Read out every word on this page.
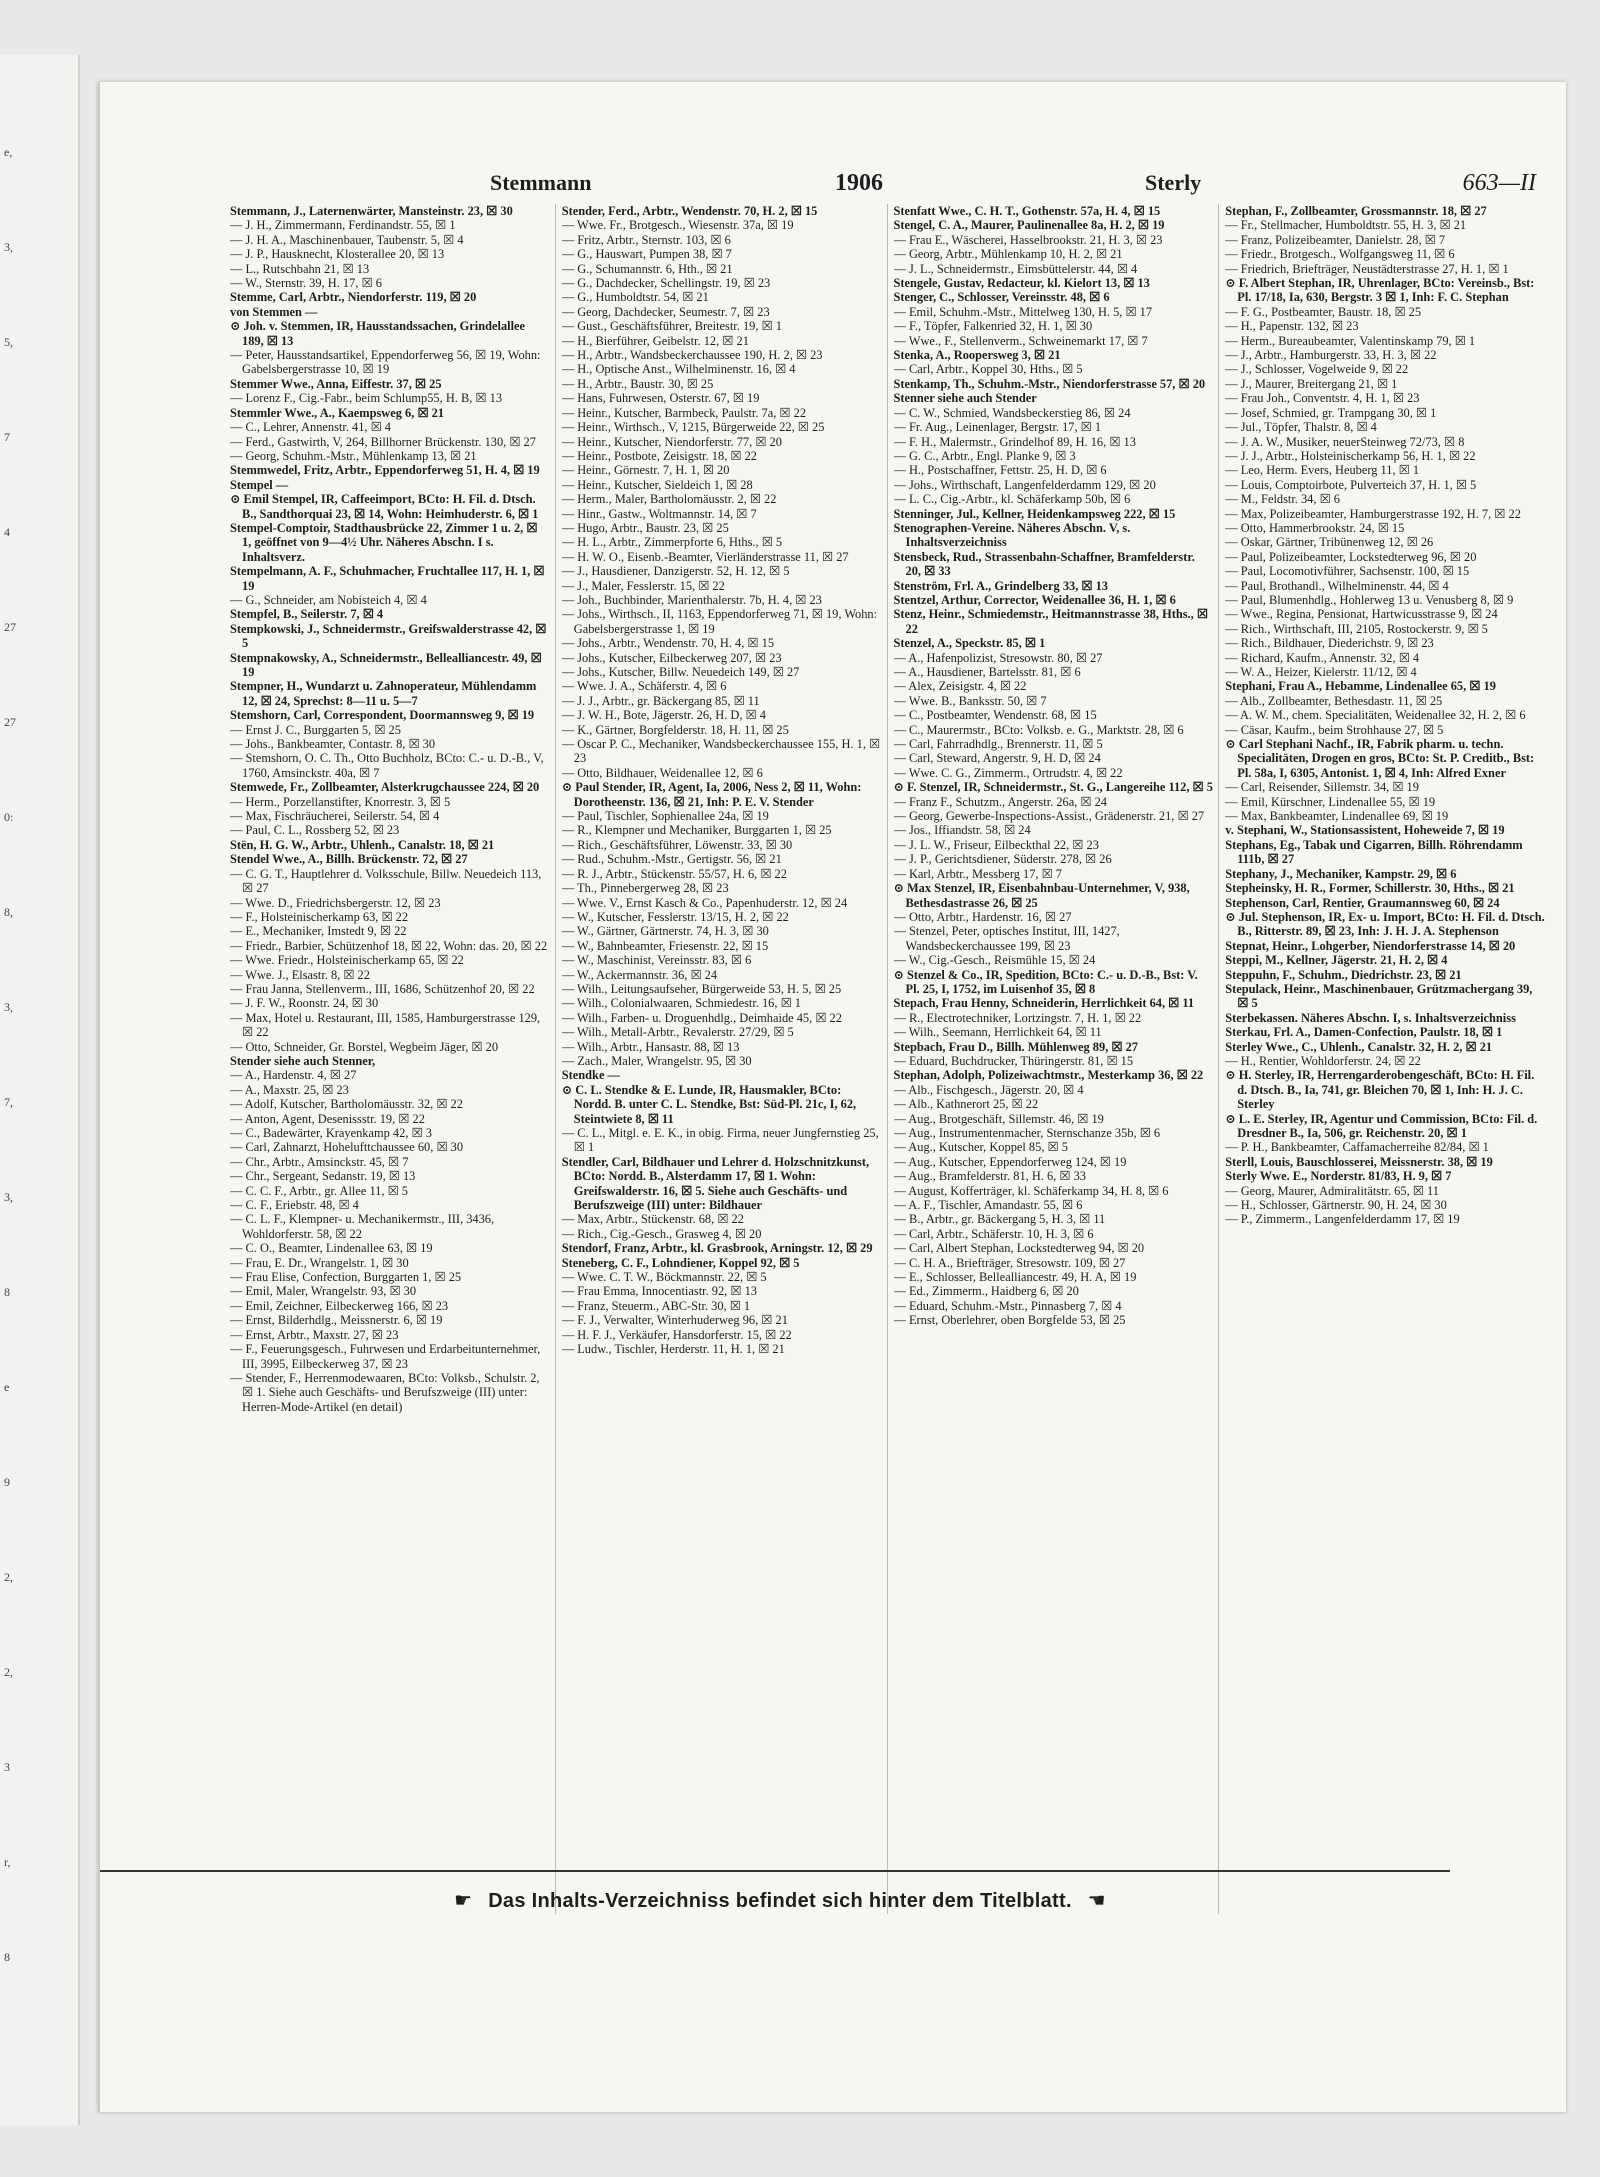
e,
3,
5,
7
4
27
27
0:
8,
3,
7,
3,
8
e
9
2,
2,
3
r,
8
Stemmann	1906	Sterly	663—II

Stemmann, J., Laternenwärter, Mansteinstr. 23, ☒ 30

— J. H., Zimmermann, Ferdinandstr. 55, ☒ 1

— J. H. A., Maschinenbauer, Taubenstr. 5, ☒ 4

— J. P., Hausknecht, Klosterallee 20, ☒ 13

— L., Rutschbahn 21, ☒ 13

— W., Sternstr. 39, H. 17, ☒ 6

Stemme, Carl, Arbtr., Niendorferstr. 119, ☒ 20

von Stemmen —

⊙ Joh. v. Stemmen, IR, Hausstandssachen, Grindelallee 189, ☒ 13

— Peter, Hausstandsartikel, Eppendorferweg 56, ☒ 19, Wohn: Gabelsbergerstrasse 10, ☒ 19

Stemmer Wwe., Anna, Eiffestr. 37, ☒ 25

— Lorenz F., Cig.-Fabr., beim Schlump55, H. B, ☒ 13

Stemmler Wwe., A., Kaempsweg 6, ☒ 21

— C., Lehrer, Annenstr. 41, ☒ 4

— Ferd., Gastwirth, V, 264, Billhorner Brückenstr. 130, ☒ 27

— Georg, Schuhm.-Mstr., Mühlenkamp 13, ☒ 21

Stemmwedel, Fritz, Arbtr., Eppendorferweg 51, H. 4, ☒ 19

Stempel —

⊙ Emil Stempel, IR, Caffeeimport, BCto: H. Fil. d. Dtsch. B., Sandthorquai 23, ☒ 14, Wohn: Heimhuderstr. 6, ☒ 1

Stempel-Comptoir, Stadthausbrücke 22, Zimmer 1 u. 2, ☒ 1, geöffnet von 9—4½ Uhr. Näheres Abschn. I s. Inhaltsverz.

Stempelmann, A. F., Schuhmacher, Fruchtallee 117, H. 1, ☒ 19

— G., Schneider, am Nobisteich 4, ☒ 4

Stempfel, B., Seilerstr. 7, ☒ 4

Stempkowski, J., Schneidermstr., Greifswalderstrasse 42, ☒ 5

Stempnakowsky, A., Schneidermstr., Bellealliancestr. 49, ☒ 19

Stempner, H., Wundarzt u. Zahnoperateur, Mühlendamm 12, ☒ 24, Sprechst: 8—11 u. 5—7

Stemshorn, Carl, Correspondent, Doormannsweg 9, ☒ 19

— Ernst J. C., Burggarten 5, ☒ 25

— Johs., Bankbeamter, Contastr. 8, ☒ 30

— Stemshorn, O. C. Th., Otto Buchholz, BCto: C.- u. D.-B., V, 1760, Amsinckstr. 40a, ☒ 7

Stemwede, Fr., Zollbeamter, Alsterkrugchaussee 224, ☒ 20

— Herm., Porzellanstifter, Knorrestr. 3, ☒ 5

— Max, Fischräucherei, Seilerstr. 54, ☒ 4

— Paul, C. L., Rossberg 52, ☒ 23

Stën, H. G. W., Arbtr., Uhlenh., Canalstr. 18, ☒ 21

Stendel Wwe., A., Billh. Brückenstr. 72, ☒ 27

— C. G. T., Hauptlehrer d. Volksschule, Billw. Neuedeich 113, ☒ 27

— Wwe. D., Friedrichsbergerstr. 12, ☒ 23

— F., Holsteinischerkamp 63, ☒ 22

— E., Mechaniker, Imstedt 9, ☒ 22

— Friedr., Barbier, Schützenhof 18, ☒ 22, Wohn: das. 20, ☒ 22

— Wwe. Friedr., Holsteinischerkamp 65, ☒ 22

— Wwe. J., Elsastr. 8, ☒ 22

— Frau Janna, Stellenverm., III, 1686, Schützenhof 20, ☒ 22

— J. F. W., Roonstr. 24, ☒ 30

— Max, Hotel u. Restaurant, III, 1585, Hamburgerstrasse 129, ☒ 22

— Otto, Schneider, Gr. Borstel, Wegbeim Jäger, ☒ 20

Stender siehe auch Stenner,

— A., Hardenstr. 4, ☒ 27

— A., Maxstr. 25, ☒ 23

— Adolf, Kutscher, Bartholomäusstr. 32, ☒ 22

— Anton, Agent, Desenissstr. 19, ☒ 22

— C., Badewärter, Krayenkamp 42, ☒ 3

— Carl, Zahnarzt, Hohelufttchaussee 60, ☒ 30

— Chr., Arbtr., Amsinckstr. 45, ☒ 7

— Chr., Sergeant, Sedanstr. 19, ☒ 13

— C. C. F., Arbtr., gr. Allee 11, ☒ 5

— C. F., Eriebstr. 48, ☒ 4

— C. L. F., Klempner- u. Mechanikermstr., III, 3436, Wohldorferstr. 58, ☒ 22

— C. O., Beamter, Lindenallee 63, ☒ 19

— Frau, E. Dr., Wrangelstr. 1, ☒ 30

— Frau Elise, Confection, Burggarten 1, ☒ 25

— Emil, Maler, Wrangelstr. 93, ☒ 30

— Emil, Zeichner, Eilbeckerweg 166, ☒ 23

— Ernst, Bilderhdlg., Meissnerstr. 6, ☒ 19

— Ernst, Arbtr., Maxstr. 27, ☒ 23

— F., Feuerungsgesch., Fuhrwesen und Erdarbeitunternehmer, III, 3995, Eilbeckerweg 37, ☒ 23

— Stender, F., Herrenmodewaaren, BCto: Volksb., Schulstr. 2, ☒ 1. Siehe auch Geschäfts- und Berufszweige (III) unter: Herren-Mode-Artikel (en detail)

Stender, Ferd., Arbtr., Wendenstr. 70, H. 2, ☒ 15

— Wwe. Fr., Brotgesch., Wiesenstr. 37a, ☒ 19

— Fritz, Arbtr., Sternstr. 103, ☒ 6

— G., Hauswart, Pumpen 38, ☒ 7

— G., Schumannstr. 6, Hth., ☒ 21

— G., Dachdecker, Schellingstr. 19, ☒ 23

— G., Humboldtstr. 54, ☒ 21

— Georg, Dachdecker, Seumestr. 7, ☒ 23

— Gust., Geschäftsführer, Breitestr. 19, ☒ 1

— H., Bierführer, Geibelstr. 12, ☒ 21

— H., Arbtr., Wandsbeckerchaussee 190, H. 2, ☒ 23

— H., Optische Anst., Wilhelminenstr. 16, ☒ 4

— H., Arbtr., Baustr. 30, ☒ 25

— Hans, Fuhrwesen, Osterstr. 67, ☒ 19

— Heinr., Kutscher, Barmbeck, Paulstr. 7a, ☒ 22

— Heinr., Wirthsch., V, 1215, Bürgerweide 22, ☒ 25

— Heinr., Kutscher, Niendorferstr. 77, ☒ 20

— Heinr., Postbote, Zeisigstr. 18, ☒ 22

— Heinr., Görnestr. 7, H. 1, ☒ 20

— Heinr., Kutscher, Sieldeich 1, ☒ 28

— Herm., Maler, Bartholomäusstr. 2, ☒ 22

— Hinr., Gastw., Woltmannstr. 14, ☒ 7

— Hugo, Arbtr., Baustr. 23, ☒ 25

— H. L., Arbtr., Zimmerpforte 6, Hths., ☒ 5

— H. W. O., Eisenb.-Beamter, Vierländerstrasse 11, ☒ 27

— J., Hausdiener, Danzigerstr. 52, H. 12, ☒ 5

— J., Maler, Fesslerstr. 15, ☒ 22

— Joh., Buchbinder, Marienthalerstr. 7b, H. 4, ☒ 23

— Johs., Wirthsch., II, 1163, Eppendorferweg 71, ☒ 19, Wohn: Gabelsbergerstrasse 1, ☒ 19

— Johs., Arbtr., Wendenstr. 70, H. 4, ☒ 15

— Johs., Kutscher, Eilbeckerweg 207, ☒ 23

— Johs., Kutscher, Billw. Neuedeich 149, ☒ 27

— Wwe. J. A., Schäferstr. 4, ☒ 6

— J. J., Arbtr., gr. Bäckergang 85, ☒ 11

— J. W. H., Bote, Jägerstr. 26, H. D, ☒ 4

— K., Gärtner, Borgfelderstr. 18, H. 11, ☒ 25

— Oscar P. C., Mechaniker, Wandsbeckerchaussee 155, H. 1, ☒ 23

— Otto, Bildhauer, Weidenallee 12, ☒ 6

⊙ Paul Stender, IR, Agent, Ia, 2006, Ness 2, ☒ 11, Wohn: Dorotheenstr. 136, ☒ 21, Inh: P. E. V. Stender

— Paul, Tischler, Sophienallee 24a, ☒ 19

— R., Klempner und Mechaniker, Burggarten 1, ☒ 25

— Rich., Geschäftsführer, Löwenstr. 33, ☒ 30

— Rud., Schuhm.-Mstr., Gertigstr. 56, ☒ 21

— R. J., Arbtr., Stückenstr. 55/57, H. 6, ☒ 22

— Th., Pinnebergerweg 28, ☒ 23

— Wwe. V., Ernst Kasch & Co., Papenhuderstr. 12, ☒ 24

— W., Kutscher, Fesslerstr. 13/15, H. 2, ☒ 22

— W., Gärtner, Gärtnerstr. 74, H. 3, ☒ 30

— W., Bahnbeamter, Friesenstr. 22, ☒ 15

— W., Maschinist, Vereinsstr. 83, ☒ 6

— W., Ackermannstr. 36, ☒ 24

— Wilh., Leitungsaufseher, Bürgerweide 53, H. 5, ☒ 25

— Wilh., Colonialwaaren, Schmiedestr. 16, ☒ 1

— Wilh., Farben- u. Droguenhdlg., Deimhaide 45, ☒ 22

— Wilh., Metall-Arbtr., Revalerstr. 27/29, ☒ 5

— Wilh., Arbtr., Hansastr. 88, ☒ 13

— Zach., Maler, Wrangelstr. 95, ☒ 30

Stendke —

⊙ C. L. Stendke & E. Lunde, IR, Hausmakler, BCto: Nordd. B. unter C. L. Stendke, Bst: Süd-Pl. 21c, I, 62, Steintwiete 8, ☒ 11

— C. L., Mitgl. e. E. K., in obig. Firma, neuer Jungfernstieg 25, ☒ 1

Stendler, Carl, Bildhauer und Lehrer d. Holzschnitzkunst, BCto: Nordd. B., Alsterdamm 17, ☒ 1. Wohn: Greifswalderstr. 16, ☒ 5. Siehe auch Geschäfts- und Berufszweige (III) unter: Bildhauer

— Max, Arbtr., Stückenstr. 68, ☒ 22

— Rich., Cig.-Gesch., Grasweg 4, ☒ 20

Stendorf, Franz, Arbtr., kl. Grasbrook, Arningstr. 12, ☒ 29

Steneberg, C. F., Lohndiener, Koppel 92, ☒ 5

— Wwe. C. T. W., Böckmannstr. 22, ☒ 5

— Frau Emma, Innocentiastr. 92, ☒ 13

— Franz, Steuerm., ABC-Str. 30, ☒ 1

— F. J., Verwalter, Winterhuderweg 96, ☒ 21

— H. F. J., Verkäufer, Hansdorferstr. 15, ☒ 22

— Ludw., Tischler, Herderstr. 11, H. 1, ☒ 21

Stenfatt Wwe., C. H. T., Gothenstr. 57a, H. 4, ☒ 15

Stengel, C. A., Maurer, Paulinenallee 8a, H. 2, ☒ 19

— Frau E., Wäscherei, Hasselbrookstr. 21, H. 3, ☒ 23

— Georg, Arbtr., Mühlenkamp 10, H. 2, ☒ 21

— J. L., Schneidermstr., Eimsbüttelerstr. 44, ☒ 4

Stengele, Gustav, Redacteur, kl. Kielort 13, ☒ 13

Stenger, C., Schlosser, Vereinsstr. 48, ☒ 6

— Emil, Schuhm.-Mstr., Mittelweg 130, H. 5, ☒ 17

— F., Töpfer, Falkenried 32, H. 1, ☒ 30

— Wwe., F., Stellenverm., Schweinemarkt 17, ☒ 7

Stenka, A., Roopersweg 3, ☒ 21

— Carl, Arbtr., Koppel 30, Hths., ☒ 5

Stenkamp, Th., Schuhm.-Mstr., Niendorferstrasse 57, ☒ 20

Stenner siehe auch Stender

— C. W., Schmied, Wandsbeckerstieg 86, ☒ 24

— Fr. Aug., Leinenlager, Bergstr. 17, ☒ 1

— F. H., Malermstr., Grindelhof 89, H. 16, ☒ 13

— G. C., Arbtr., Engl. Planke 9, ☒ 3

— H., Postschaffner, Fettstr. 25, H. D, ☒ 6

— Johs., Wirthschaft, Langenfelderdamm 129, ☒ 20

— L. C., Cig.-Arbtr., kl. Schäferkamp 50b, ☒ 6

Stenninger, Jul., Kellner, Heidenkampsweg 222, ☒ 15

Stenographen-Vereine. Näheres Abschn. V, s. Inhaltsverzeichniss

Stensbeck, Rud., Strassenbahn-Schaffner, Bramfelderstr. 20, ☒ 33

Stenström, Frl. A., Grindelberg 33, ☒ 13

Stentzel, Arthur, Corrector, Weidenallee 36, H. 1, ☒ 6

Stenz, Heinr., Schmiedemstr., Heitmannstrasse 38, Hths., ☒ 22

Stenzel, A., Speckstr. 85, ☒ 1

— A., Hafenpolizist, Stresowstr. 80, ☒ 27

— A., Hausdiener, Bartelsstr. 81, ☒ 6

— Alex, Zeisigstr. 4, ☒ 22

— Wwe. B., Banksstr. 50, ☒ 7

— C., Postbeamter, Wendenstr. 68, ☒ 15

— C., Maurermstr., BCto: Volksb. e. G., Marktstr. 28, ☒ 6

— Carl, Fahrradhdlg., Brennerstr. 11, ☒ 5

— Carl, Steward, Angerstr. 9, H. D, ☒ 24

— Wwe. C. G., Zimmerm., Ortrudstr. 4, ☒ 22

⊙ F. Stenzel, IR, Schneidermstr., St. G., Langereihe 112, ☒ 5

— Franz F., Schutzm., Angerstr. 26a, ☒ 24

— Georg, Gewerbe-Inspections-Assist., Grädenerstr. 21, ☒ 27

— Jos., Iffiandstr. 58, ☒ 24

— J. L. W., Friseur, Eilbeckthal 22, ☒ 23

— J. P., Gerichtsdiener, Süderstr. 278, ☒ 26

— Karl, Arbtr., Messberg 17, ☒ 7

⊙ Max Stenzel, IR, Eisenbahnbau-Unternehmer, V, 938, Bethesdastrasse 26, ☒ 25

— Otto, Arbtr., Hardenstr. 16, ☒ 27

— Stenzel, Peter, optisches Institut, III, 1427, Wandsbeckerchaussee 199, ☒ 23

— W., Cig.-Gesch., Reismühle 15, ☒ 24

⊙ Stenzel & Co., IR, Spedition, BCto: C.- u. D.-B., Bst: V. Pl. 25, I, 1752, im Luisenhof 35, ☒ 8

Stepach, Frau Henny, Schneiderin, Herrlichkeit 64, ☒ 11

— R., Electrotechniker, Lortzingstr. 7, H. 1, ☒ 22

— Wilh., Seemann, Herrlichkeit 64, ☒ 11

Stepbach, Frau D., Billh. Mühlenweg 89, ☒ 27

— Eduard, Buchdrucker, Thüringerstr. 81, ☒ 15

Stephan, Adolph, Polizeiwachtmstr., Mesterkamp 36, ☒ 22

— Alb., Fischgesch., Jägerstr. 20, ☒ 4

— Alb., Kathnerort 25, ☒ 22

— Aug., Brotgeschäft, Sillemstr. 46, ☒ 19

— Aug., Instrumentenmacher, Sternschanze 35b, ☒ 6

— Aug., Kutscher, Koppel 85, ☒ 5

— Aug., Kutscher, Eppendorferweg 124, ☒ 19

— Aug., Bramfelderstr. 81, H. 6, ☒ 33

— August, Kofferträger, kl. Schäferkamp 34, H. 8, ☒ 6

— A. F., Tischler, Amandastr. 55, ☒ 6

— B., Arbtr., gr. Bäckergang 5, H. 3, ☒ 11

— Carl, Arbtr., Schäferstr. 10, H. 3, ☒ 6

— Carl, Albert Stephan, Lockstedterweg 94, ☒ 20

— C. H. A., Briefträger, Stresowstr. 109, ☒ 27

— E., Schlosser, Bellealliancestr. 49, H. A, ☒ 19

— Ed., Zimmerm., Haidberg 6, ☒ 20

— Eduard, Schuhm.-Mstr., Pinnasberg 7, ☒ 4

— Ernst, Oberlehrer, oben Borgfelde 53, ☒ 25

Stephan, F., Zollbeamter, Grossmannstr. 18, ☒ 27

— Fr., Stellmacher, Humboldtstr. 55, H. 3, ☒ 21

— Franz, Polizeibeamter, Danielstr. 28, ☒ 7

— Friedr., Brotgesch., Wolfgangsweg 11, ☒ 6

— Friedrich, Briefträger, Neustädterstrasse 27, H. 1, ☒ 1

⊙ F. Albert Stephan, IR, Uhrenlager, BCto: Vereinsb., Bst: Pl. 17/18, Ia, 630, Bergstr. 3 ☒ 1, Inh: F. C. Stephan

— F. G., Postbeamter, Baustr. 18, ☒ 25

— H., Papenstr. 132, ☒ 23

— Herm., Bureaubeamter, Valentinskamp 79, ☒ 1

— J., Arbtr., Hamburgerstr. 33, H. 3, ☒ 22

— J., Schlosser, Vogelweide 9, ☒ 22

— J., Maurer, Breitergang 21, ☒ 1

— Frau Joh., Conventstr. 4, H. 1, ☒ 23

— Josef, Schmied, gr. Trampgang 30, ☒ 1

— Jul., Töpfer, Thalstr. 8, ☒ 4

— J. A. W., Musiker, neuerSteinweg 72/73, ☒ 8

— J. J., Arbtr., Holsteinischerkamp 56, H. 1, ☒ 22

— Leo, Herm. Evers, Heuberg 11, ☒ 1

— Louis, Comptoirbote, Pulverteich 37, H. 1, ☒ 5

— M., Feldstr. 34, ☒ 6

— Max, Polizeibeamter, Hamburgerstrasse 192, H. 7, ☒ 22

— Otto, Hammerbrookstr. 24, ☒ 15

— Oskar, Gärtner, Tribünenweg 12, ☒ 26

— Paul, Polizeibeamter, Lockstedterweg 96, ☒ 20

— Paul, Locomotivführer, Sachsenstr. 100, ☒ 15

— Paul, Brothandl., Wilhelminenstr. 44, ☒ 4

— Paul, Blumenhdlg., Hohlerweg 13 u. Venusberg 8, ☒ 9

— Wwe., Regina, Pensionat, Hartwicusstrasse 9, ☒ 24

— Rich., Wirthschaft, III, 2105, Rostockerstr. 9, ☒ 5

— Rich., Bildhauer, Diederichstr. 9, ☒ 23

— Richard, Kaufm., Annenstr. 32, ☒ 4

— W. A., Heizer, Kielerstr. 11/12, ☒ 4

Stephani, Frau A., Hebamme, Lindenallee 65, ☒ 19

— Alb., Zollbeamter, Bethesdastr. 11, ☒ 25

— A. W. M., chem. Specialitäten, Weidenallee 32, H. 2, ☒ 6

— Cäsar, Kaufm., beim Strohhause 27, ☒ 5

⊙ Carl Stephani Nachf., IR, Fabrik pharm. u. techn. Specialitäten, Drogen en gros, BCto: St. P. Creditb., Bst: Pl. 58a, I, 6305, Antonist. 1, ☒ 4, Inh: Alfred Exner

— Carl, Reisender, Sillemstr. 34, ☒ 19

— Emil, Kürschner, Lindenallee 55, ☒ 19

— Max, Bankbeamter, Lindenallee 69, ☒ 19

v. Stephani, W., Stationsassistent, Hoheweide 7, ☒ 19

Stephans, Eg., Tabak und Cigarren, Billh. Röhrendamm 111b, ☒ 27

Stephany, J., Mechaniker, Kampstr. 29, ☒ 6

Stepheinsky, H. R., Former, Schillerstr. 30, Hths., ☒ 21

Stephenson, Carl, Rentier, Graumannsweg 60, ☒ 24

⊙ Jul. Stephenson, IR, Ex- u. Import, BCto: H. Fil. d. Dtsch. B., Ritterstr. 89, ☒ 23, Inh: J. H. J. A. Stephenson

Stepnat, Heinr., Lohgerber, Niendorferstrasse 14, ☒ 20

Steppi, M., Kellner, Jägerstr. 21, H. 2, ☒ 4

Steppuhn, F., Schuhm., Diedrichstr. 23, ☒ 21

Stepulack, Heinr., Maschinenbauer, Grützmachergang 39, ☒ 5

Sterbekassen. Näheres Abschn. I, s. Inhaltsverzeichniss

Sterkau, Frl. A., Damen-Confection, Paulstr. 18, ☒ 1

Sterley Wwe., C., Uhlenh., Canalstr. 32, H. 2, ☒ 21

— H., Rentier, Wohldorferstr. 24, ☒ 22

⊙ H. Sterley, IR, Herrengarderobengeschäft, BCto: H. Fil. d. Dtsch. B., Ia, 741, gr. Bleichen 70, ☒ 1, Inh: H. J. C. Sterley

⊙ L. E. Sterley, IR, Agentur und Commission, BCto: Fil. d. Dresdner B., Ia, 506, gr. Reichenstr. 20, ☒ 1

— P. H., Bankbeamter, Caffamacherreihe 82/84, ☒ 1

Sterll, Louis, Bauschlosserei, Meissnerstr. 38, ☒ 19

Sterly Wwe. E., Norderstr. 81/83, H. 9, ☒ 7

— Georg, Maurer, Admiralitätstr. 65, ☒ 11

— H., Schlosser, Gärtnerstr. 90, H. 24, ☒ 30

— P., Zimmerm., Langenfelderdamm 17, ☒ 19

☛ Das Inhalts-Verzeichniss befindet sich hinter dem Titelblatt. ☚
